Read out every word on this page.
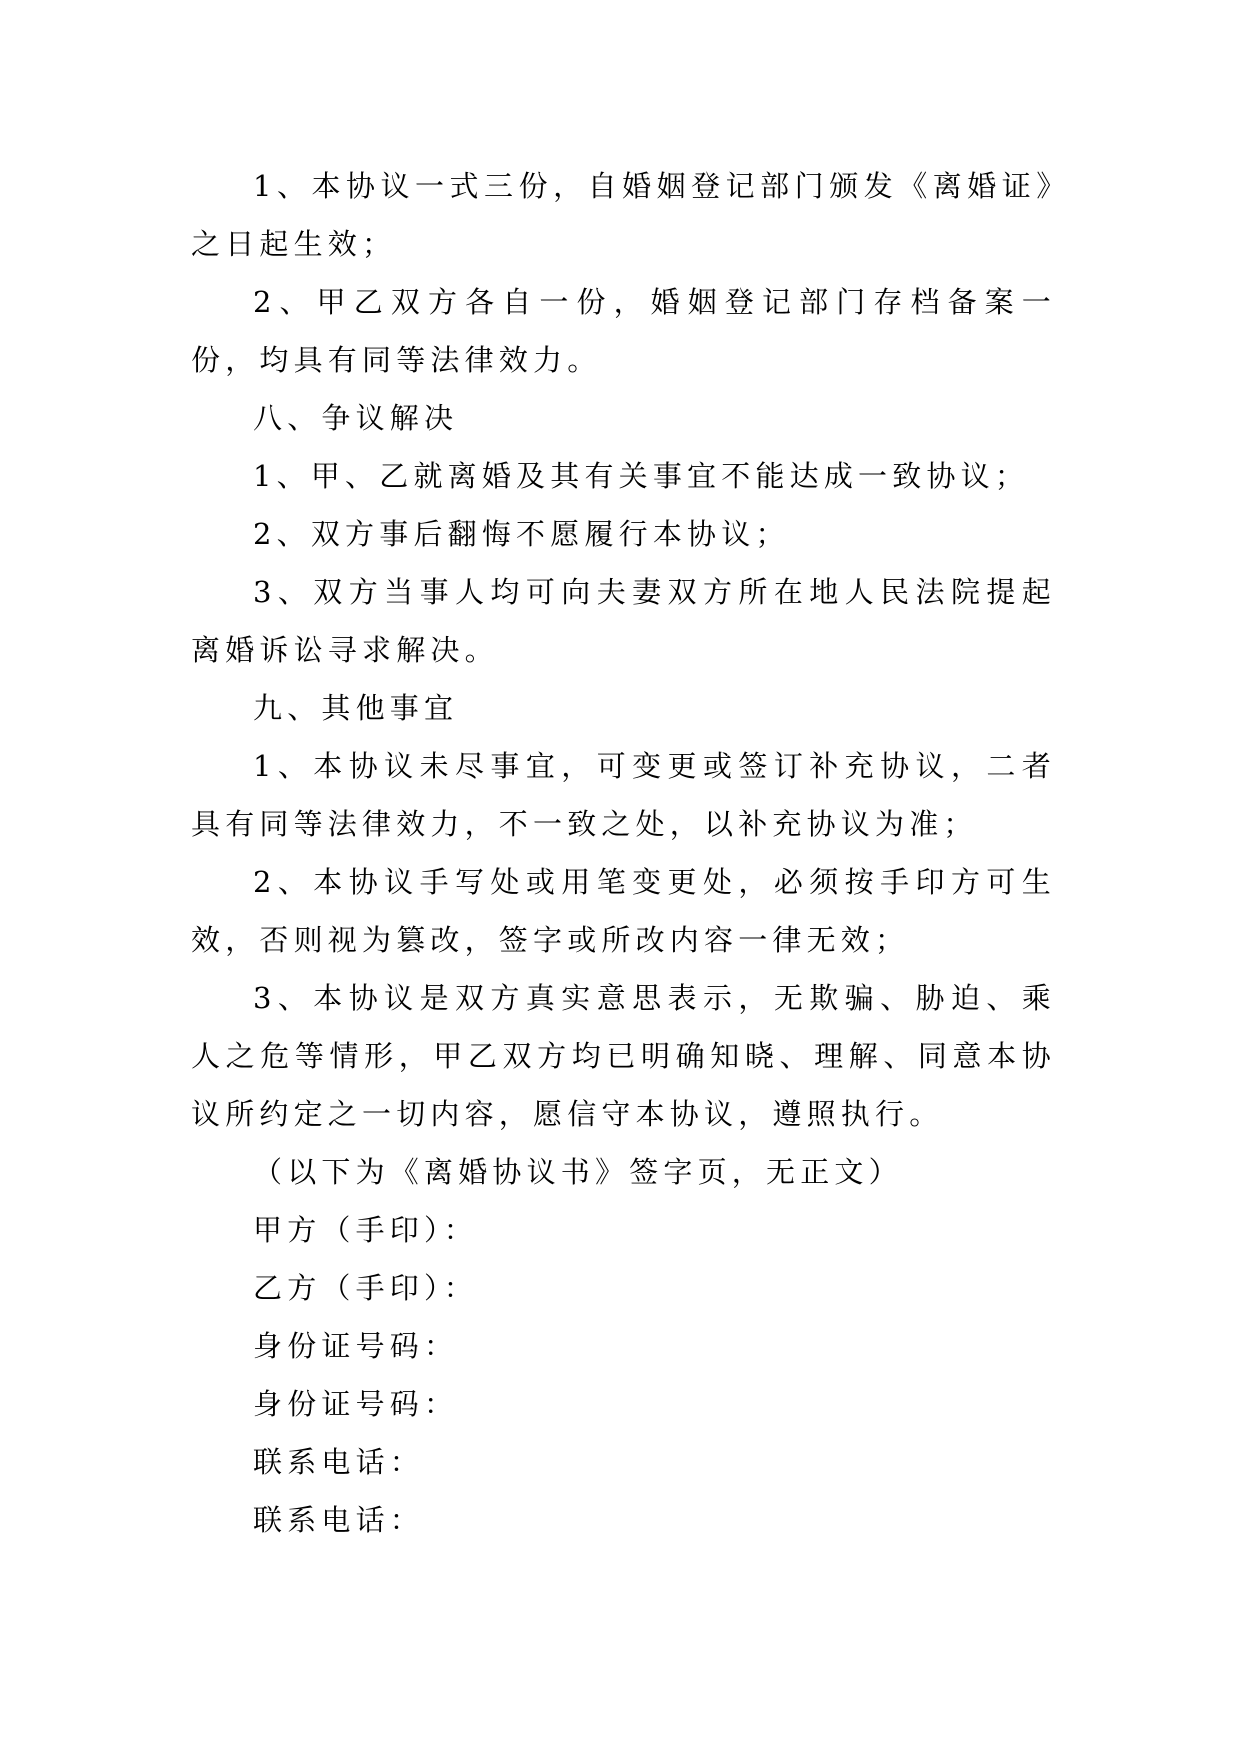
1、本协议一式三份，自婚姻登记部门颁发《离婚证》之日起生效；

2、甲乙双方各自一份，婚姻登记部门存档备案一份，均具有同等法律效力。

八、争议解决

1、甲、乙就离婚及其有关事宜不能达成一致协议；

2、双方事后翻悔不愿履行本协议；

3、双方当事人均可向夫妻双方所在地人民法院提起离婚诉讼寻求解决。

九、其他事宜

1、本协议未尽事宜，可变更或签订补充协议，二者具有同等法律效力，不一致之处，以补充协议为准；

2、本协议手写处或用笔变更处，必须按手印方可生效，否则视为篡改，签字或所改内容一律无效；

3、本协议是双方真实意思表示，无欺骗、胁迫、乘人之危等情形，甲乙双方均已明确知晓、理解、同意本协议所约定之一切内容，愿信守本协议，遵照执行。

（以下为《离婚协议书》签字页，无正文）

甲方（手印）：

乙方（手印）：

身份证号码：

身份证号码：

联系电话：

联系电话：
